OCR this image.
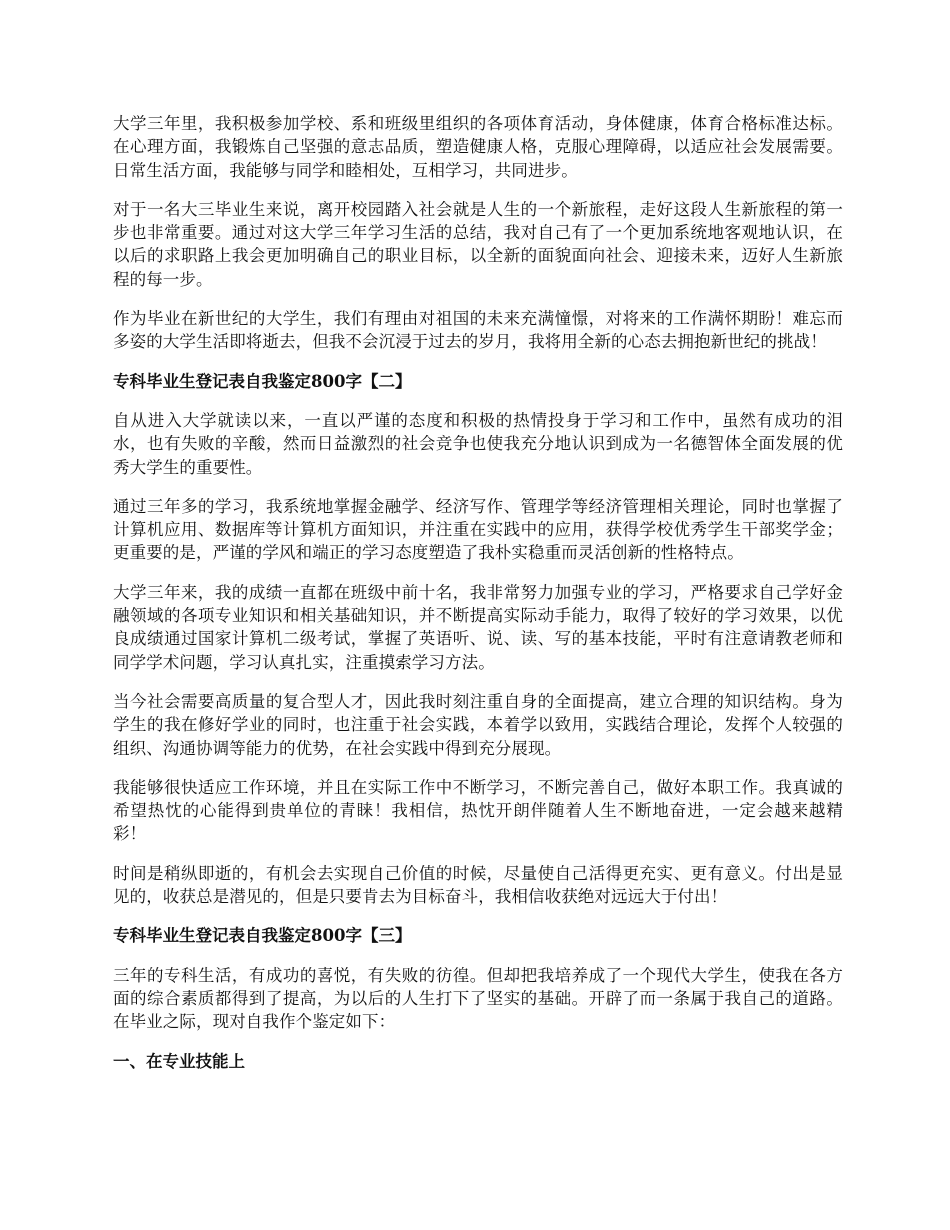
大学三年里，我积极参加学校、系和班级里组织的各项体育活动，身体健康，体育合格标准达标。在心理方面，我锻炼自己坚强的意志品质，塑造健康人格，克服心理障碍，以适应社会发展需要。日常生活方面，我能够与同学和睦相处，互相学习，共同进步。

对于一名大三毕业生来说，离开校园踏入社会就是人生的一个新旅程，走好这段人生新旅程的第一步也非常重要。通过对这大学三年学习生活的总结，我对自己有了一个更加系统地客观地认识，在以后的求职路上我会更加明确自己的职业目标，以全新的面貌面向社会、迎接未来，迈好人生新旅程的每一步。

作为毕业在新世纪的大学生，我们有理由对祖国的未来充满憧憬，对将来的工作满怀期盼！难忘而多姿的大学生活即将逝去，但我不会沉浸于过去的岁月，我将用全新的心态去拥抱新世纪的挑战！

专科毕业生登记表自我鉴定800字【二】

自从进入大学就读以来，一直以严谨的态度和积极的热情投身于学习和工作中，虽然有成功的泪水，也有失败的辛酸，然而日益激烈的社会竞争也使我充分地认识到成为一名德智体全面发展的优秀大学生的重要性。

通过三年多的学习，我系统地掌握金融学、经济写作、管理学等经济管理相关理论，同时也掌握了计算机应用、数据库等计算机方面知识，并注重在实践中的应用，获得学校优秀学生干部奖学金；更重要的是，严谨的学风和端正的学习态度塑造了我朴实稳重而灵活创新的性格特点。

大学三年来，我的成绩一直都在班级中前十名，我非常努力加强专业的学习，严格要求自己学好金融领域的各项专业知识和相关基础知识，并不断提高实际动手能力，取得了较好的学习效果，以优良成绩通过国家计算机二级考试，掌握了英语听、说、读、写的基本技能，平时有注意请教老师和同学学术问题，学习认真扎实，注重摸索学习方法。

当今社会需要高质量的复合型人才，因此我时刻注重自身的全面提高，建立合理的知识结构。身为学生的我在修好学业的同时，也注重于社会实践，本着学以致用，实践结合理论，发挥个人较强的组织、沟通协调等能力的优势，在社会实践中得到充分展现。

我能够很快适应工作环境，并且在实际工作中不断学习，不断完善自己，做好本职工作。我真诚的希望热忱的心能得到贵单位的青睐！我相信，热忱开朗伴随着人生不断地奋进，一定会越来越精彩！

时间是稍纵即逝的，有机会去实现自己价值的时候，尽量使自己活得更充实、更有意义。付出是显见的，收获总是潜见的，但是只要肯去为目标奋斗，我相信收获绝对远远大于付出！

专科毕业生登记表自我鉴定800字【三】

三年的专科生活，有成功的喜悦，有失败的彷徨。但却把我培养成了一个现代大学生，使我在各方面的综合素质都得到了提高，为以后的人生打下了坚实的基础。开辟了而一条属于我自己的道路。在毕业之际，现对自我作个鉴定如下：

一、在专业技能上
